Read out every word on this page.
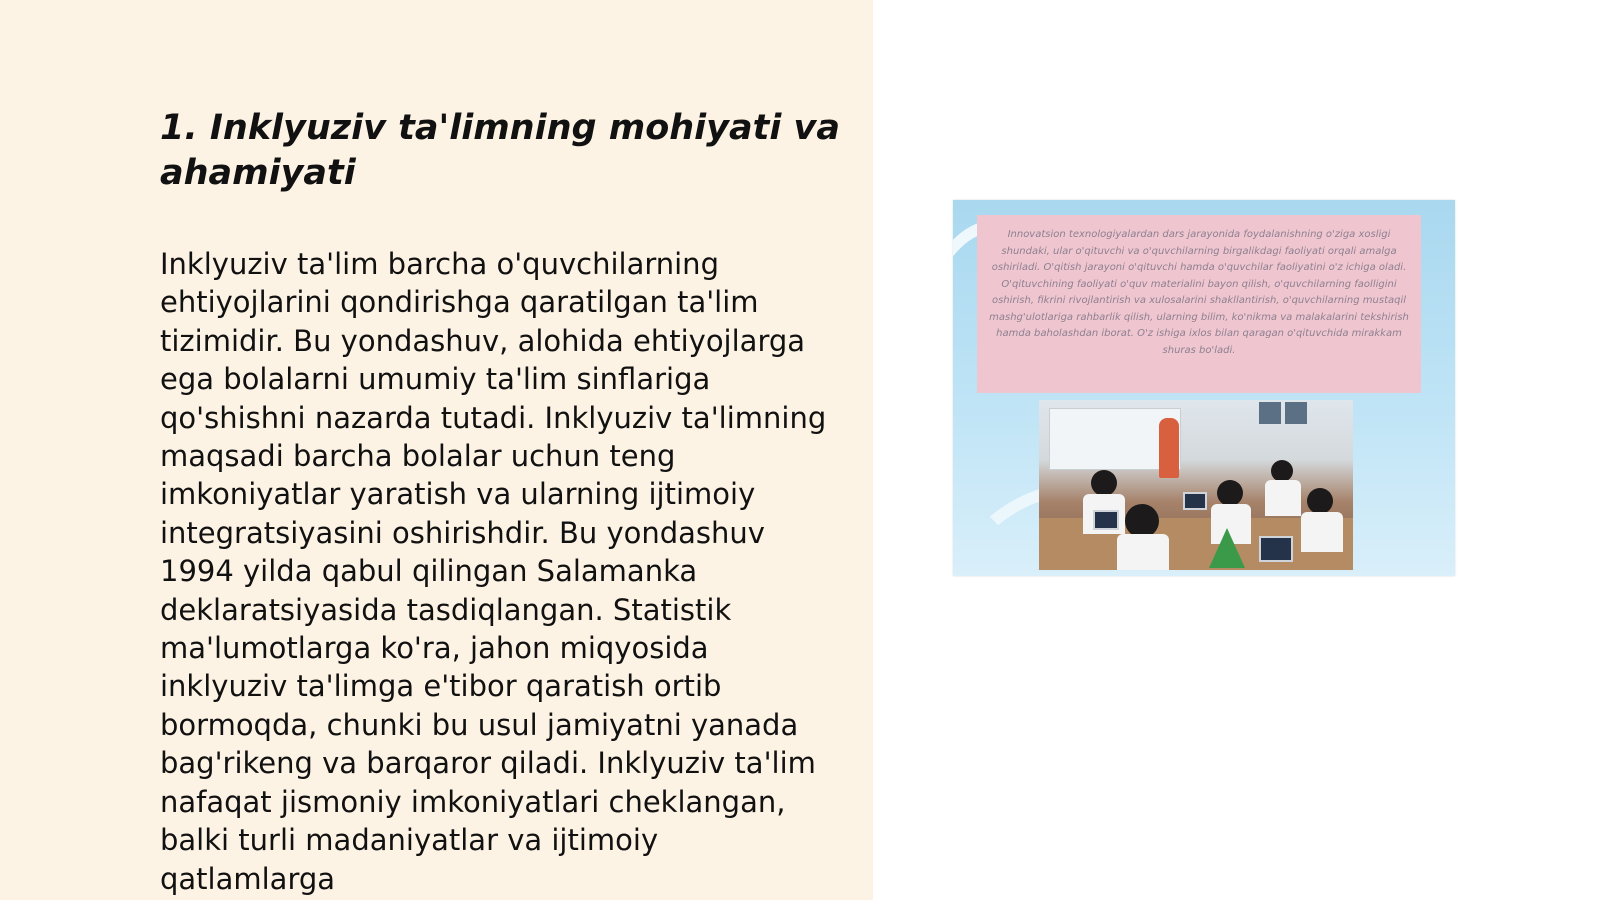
1. Inklyuziv ta'limning mohiyati va ahamiyati

Inklyuziv ta'lim barcha o'quvchilarning ehtiyojlarini qondirishga qaratilgan ta'lim tizimidir. Bu yondashuv, alohida ehtiyojlarga ega bolalarni umumiy ta'lim sinflariga qo'shishni nazarda tutadi. Inklyuziv ta'limning maqsadi barcha bolalar uchun teng imkoniyatlar yaratish va ularning ijtimoiy integratsiyasini oshirishdir. Bu yondashuv 1994 yilda qabul qilingan Salamanka deklaratsiyasida tasdiqlangan. Statistik ma'lumotlarga ko'ra, jahon miqyosida inklyuziv ta'limga e'tibor qaratish ortib bormoqda, chunki bu usul jamiyatni yanada bag'rikeng va barqaror qiladi. Inklyuziv ta'lim nafaqat jismoniy imkoniyatlari cheklangan, balki turli madaniyatlar va ijtimoiy qatlamlarga

Innovatsion texnologiyalardan dars jarayonida foydalanishning o'ziga xosligi shundaki, ular o'qituvchi va o'quvchilarning birgalikdagi faoliyati orqali amalga oshiriladi. O'qitish jarayoni o'qituvchi hamda o'quvchilar faoliyatini o'z ichiga oladi. O'qituvchining faoliyati o'quv materialini bayon qilish, o'quvchilarning faolligini oshirish, fikrini rivojlantirish va xulosalarini shakllantirish, o'quvchilarning mustaqil mashg'ulotlariga rahbarlik qilish, ularning bilim, ko'nikma va malakalarini tekshirish hamda baholashdan iborat. O'z ishiga ixlos bilan qaragan o'qituvchida mirakkam shuras bo'ladi.
